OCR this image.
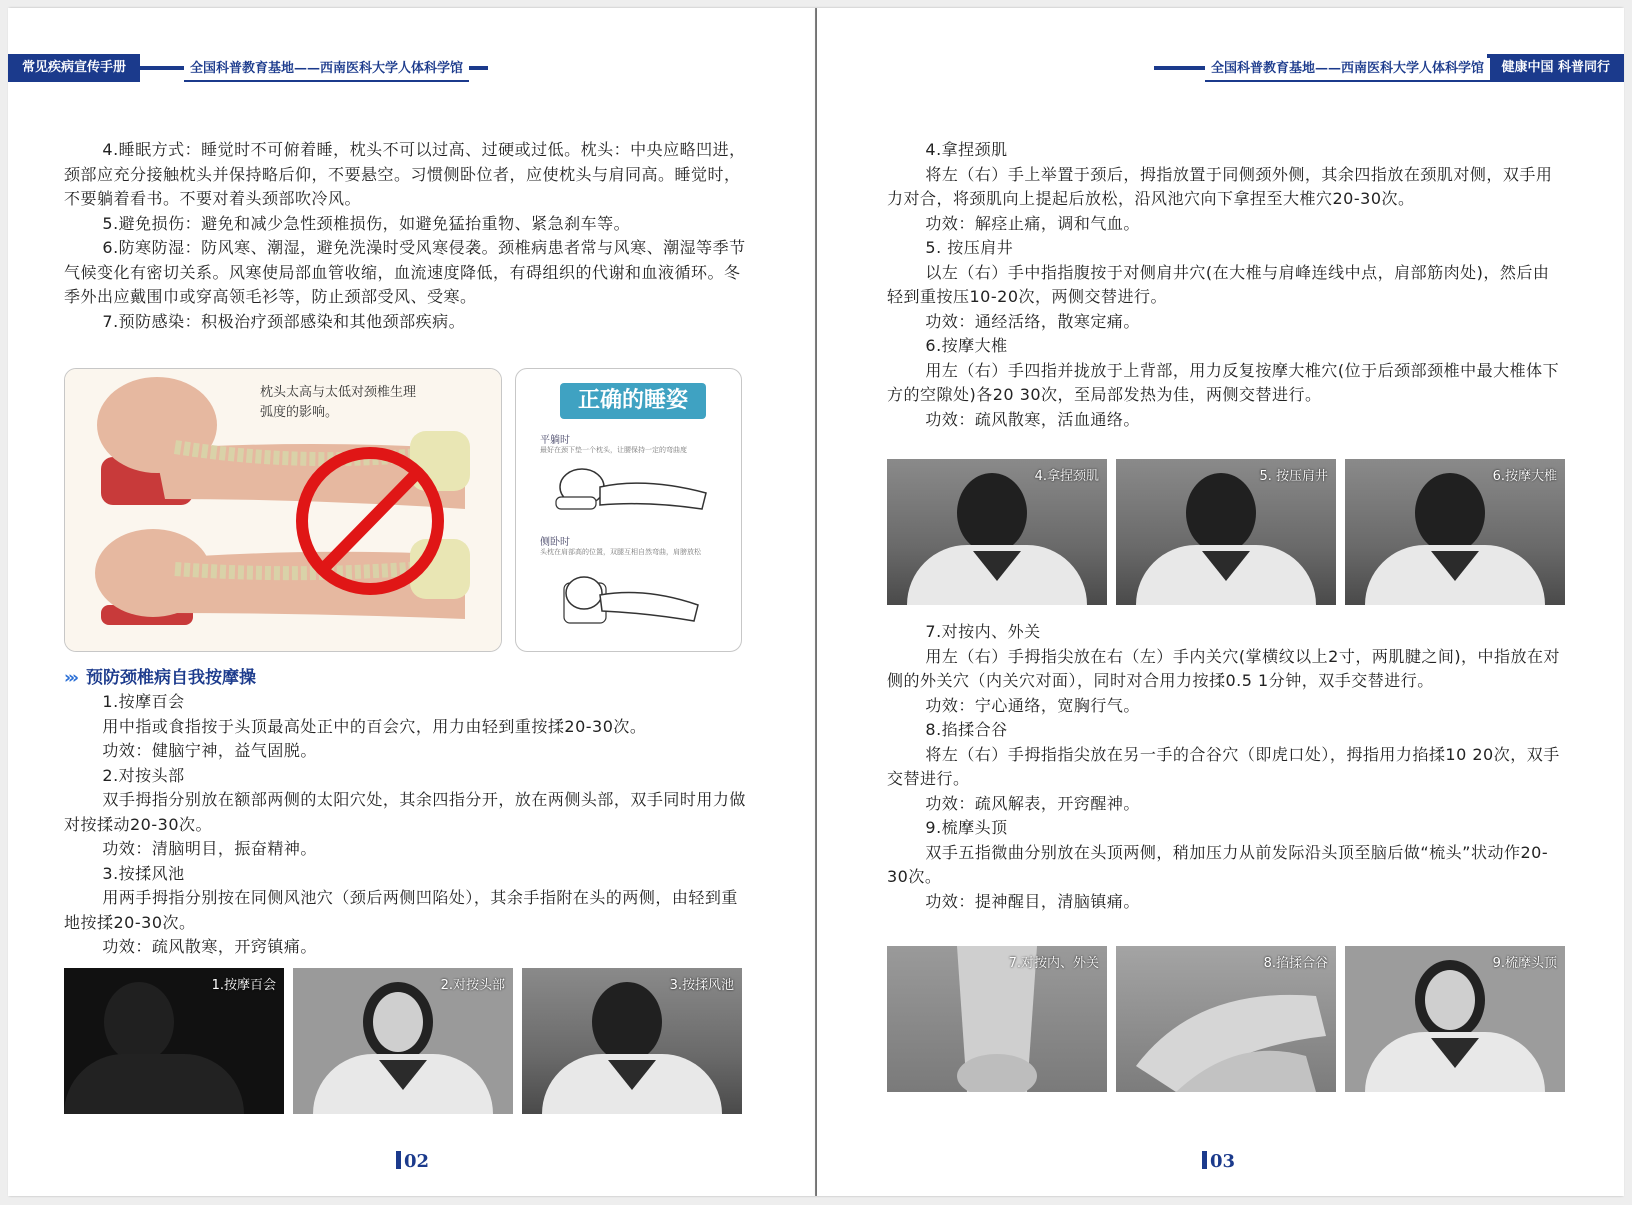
常见疾病宣传手册	全国科普教育基地——西南医科大学人体科学馆

4.睡眠方式：睡觉时不可俯着睡，枕头不可以过高、过硬或过低。枕头：中央应略凹进，颈部应充分接触枕头并保持略后仰，不要悬空。习惯侧卧位者，应使枕头与肩同高。睡觉时，不要躺着看书。不要对着头颈部吹冷风。

5.避免损伤：避免和减少急性颈椎损伤，如避免猛抬重物、紧急刹车等。

6.防寒防湿：防风寒、潮湿，避免洗澡时受风寒侵袭。颈椎病患者常与风寒、潮湿等季节气候变化有密切关系。风寒使局部血管收缩，血流速度降低，有碍组织的代谢和血液循环。冬季外出应戴围巾或穿高领毛衫等，防止颈部受风、受寒。

7.预防感染：积极治疗颈部感染和其他颈部疾病。

枕头太高与太低对颈椎生理
弧度的影响。	正确的睡姿
平躺时
最好在颈下垫一个枕头，让腰保持一定的弯曲度
侧卧时
头枕在肩部高的位置，双腿互相自然弯曲，肩膀放松
››› 预防颈椎病自我按摩操

1.按摩百会

用中指或食指按于头顶最高处正中的百会穴，用力由轻到重按揉20-30次。

功效：健脑宁神，益气固脱。

2.对按头部

双手拇指分别放在额部两侧的太阳穴处，其余四指分开，放在两侧头部，双手同时用力做对按揉动20-30次。

功效：清脑明目，振奋精神。

3.按揉风池

用两手拇指分别按在同侧风池穴（颈后两侧凹陷处），其余手指附在头的两侧，由轻到重地按揉20-30次。

功效：疏风散寒，开窍镇痛。

1.按摩百会	2.对按头部	3.按揉风池
02
健康中国 科普同行
全国科普教育基地——西南医科大学人体科学馆

4.拿捏颈肌

将左（右）手上举置于颈后，拇指放置于同侧颈外侧，其余四指放在颈肌对侧，双手用力对合，将颈肌向上提起后放松，沿风池穴向下拿捏至大椎穴20-30次。

功效：解痉止痛，调和气血。

5. 按压肩井

以左（右）手中指指腹按于对侧肩井穴(在大椎与肩峰连线中点，肩部筋肉处)，然后由轻到重按压10-20次，两侧交替进行。

功效：通经活络，散寒定痛。

6.按摩大椎

用左（右）手四指并拢放于上背部，用力反复按摩大椎穴(位于后颈部颈椎中最大椎体下方的空隙处)各20 30次，至局部发热为佳，两侧交替进行。

功效：疏风散寒，活血通络。

4.拿捏颈肌	5. 按压肩井	6.按摩大椎

7.对按内、外关

用左（右）手拇指尖放在右（左）手内关穴(掌横纹以上2寸，两肌腱之间)，中指放在对侧的外关穴（内关穴对面），同时对合用力按揉0.5 1分钟，双手交替进行。

功效：宁心通络，宽胸行气。

8.掐揉合谷

将左（右）手拇指指尖放在另一手的合谷穴（即虎口处），拇指用力掐揉10 20次，双手交替进行。

功效：疏风解表，开窍醒神。

9.梳摩头顶

双手五指微曲分别放在头顶两侧，稍加压力从前发际沿头顶至脑后做“梳头”状动作20-30次。

功效：提神醒目，清脑镇痛。

7.对按内、外关	8.掐揉合谷	9.梳摩头顶
03
